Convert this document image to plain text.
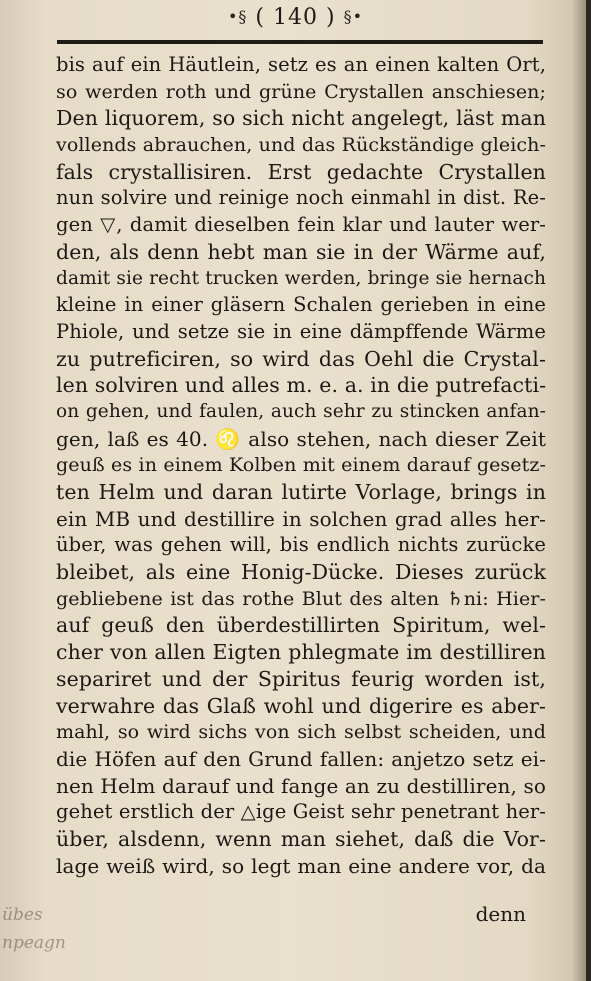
•§ ( 140 ) §•
bis auf ein Häutlein, setz es an einen kalten Ort,
so werden roth und grüne Crystallen anschiesen;
Den liquorem, so sich nicht angelegt, läst man
vollends abrauchen, und das Rückständige gleich-
fals crystallisiren. Erst gedachte Crystallen
nun solvire und reinige noch einmahl in dist. Re-
gen ▽, damit dieselben fein klar und lauter wer-
den, als denn hebt man sie in der Wärme auf,
damit sie recht trucken werden, bringe sie hernach
kleine in einer gläsern Schalen gerieben in eine
Phiole, und setze sie in eine dämpffende Wärme
zu putreficiren, so wird das Oehl die Crystal-
len solviren und alles m. e. a. in die putrefacti-
on gehen, und faulen, auch sehr zu stincken anfan-
gen, laß es 40. ♌ also stehen, nach dieser Zeit
geuß es in einem Kolben mit einem darauf gesetz-
ten Helm und daran lutirte Vorlage, brings in
ein MB und destillire in solchen grad alles her-
über, was gehen will, bis endlich nichts zurücke
bleibet, als eine Honig-Dücke. Dieses zurück
gebliebene ist das rothe Blut des alten ♄ni: Hier-
auf geuß den überdestillirten Spiritum, wel-
cher von allen Eigten phlegmate im destilliren
separiret und der Spiritus feurig worden ist,
verwahre das Glaß wohl und digerire es aber-
mahl, so wird sichs von sich selbst scheiden, und
die Höfen auf den Grund fallen: anjetzo setz ei-
nen Helm darauf und fange an zu destilliren, so
gehet erstlich der △ige Geist sehr penetrant her-
über, alsdenn, wenn man siehet, daß die Vor-
lage weiß wird, so legt man eine andere vor, da
denn
übes
npeagn
